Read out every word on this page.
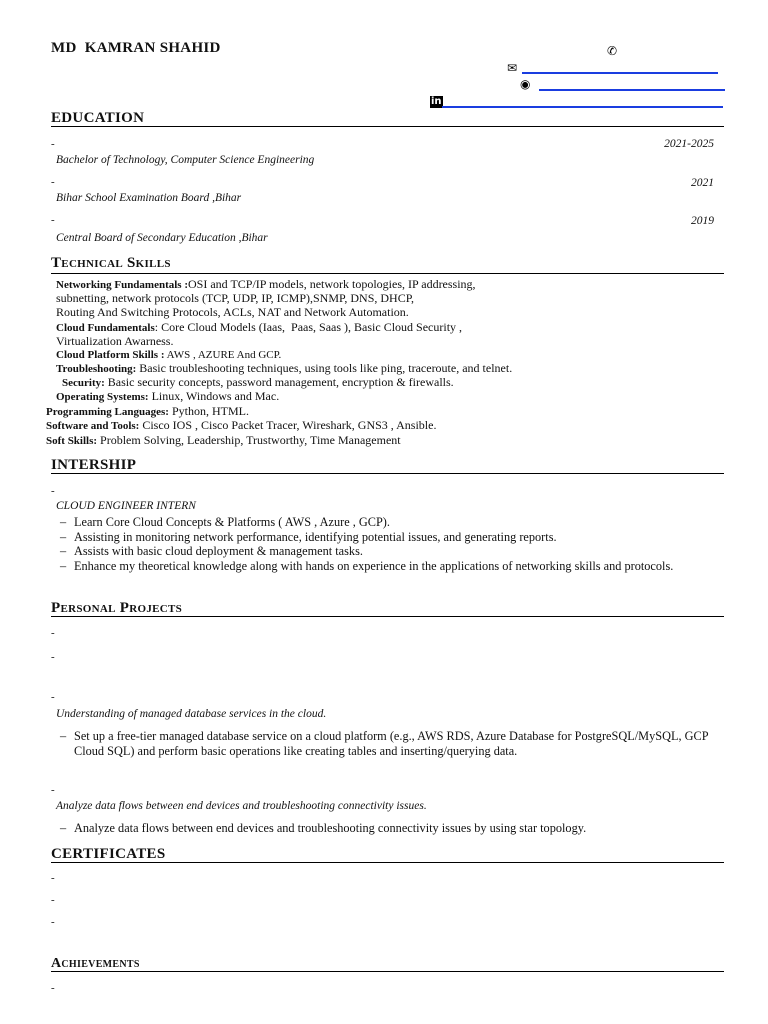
MD  KAMRAN SHAHID	✆
✉
◉
in
EDUCATION
-	2021-2025
Bachelor of Technology, Computer Science Engineering
-	2021
Bihar School Examination Board ,Bihar
-	2019
Central Board of Secondary Education ,Bihar
Technical Skills
Networking Fundamentals :OSI and TCP/IP models, network topologies, IP addressing,
subnetting, network protocols (TCP, UDP, IP, ICMP),SNMP, DNS, DHCP,
Routing And Switching Protocols, ACLs, NAT and Network Automation.
Cloud Fundamentals: Core Cloud Models (Iaas,  Paas, Saas ), Basic Cloud Security ,
Virtualization Awarness.
Cloud Platform Skills : AWS , AZURE And GCP.
Troubleshooting: Basic troubleshooting techniques, using tools like ping, traceroute, and telnet.
Security: Basic security concepts, password management, encryption & firewalls.
Operating Systems: Linux, Windows and Mac.
Programming Languages: Python, HTML.
Software and Tools: Cisco IOS , Cisco Packet Tracer, Wireshark, GNS3 , Ansible.
Soft Skills: Problem Solving, Leadership, Trustworthy, Time Management
INTERSHIP
-
CLOUD ENGINEER INTERN
– Learn Core Cloud Concepts & Platforms ( AWS , Azure , GCP).
– Assisting in monitoring network performance, identifying potential issues, and generating reports.
– Assists with basic cloud deployment & management tasks.
– Enhance my theoretical knowledge along with hands on experience in the applications of networking skills and protocols.
Personal Projects
-
-
-
Understanding of managed database services in the cloud.
– Set up a free-tier managed database service on a cloud platform (e.g., AWS RDS, Azure Database for PostgreSQL/MySQL, GCP Cloud SQL) and perform basic operations like creating tables and inserting/querying data.
-
Analyze data flows between end devices and troubleshooting connectivity issues.
– Analyze data flows between end devices and troubleshooting connectivity issues by using star topology.
CERTIFICATES
-
-
-
Achievements
-
